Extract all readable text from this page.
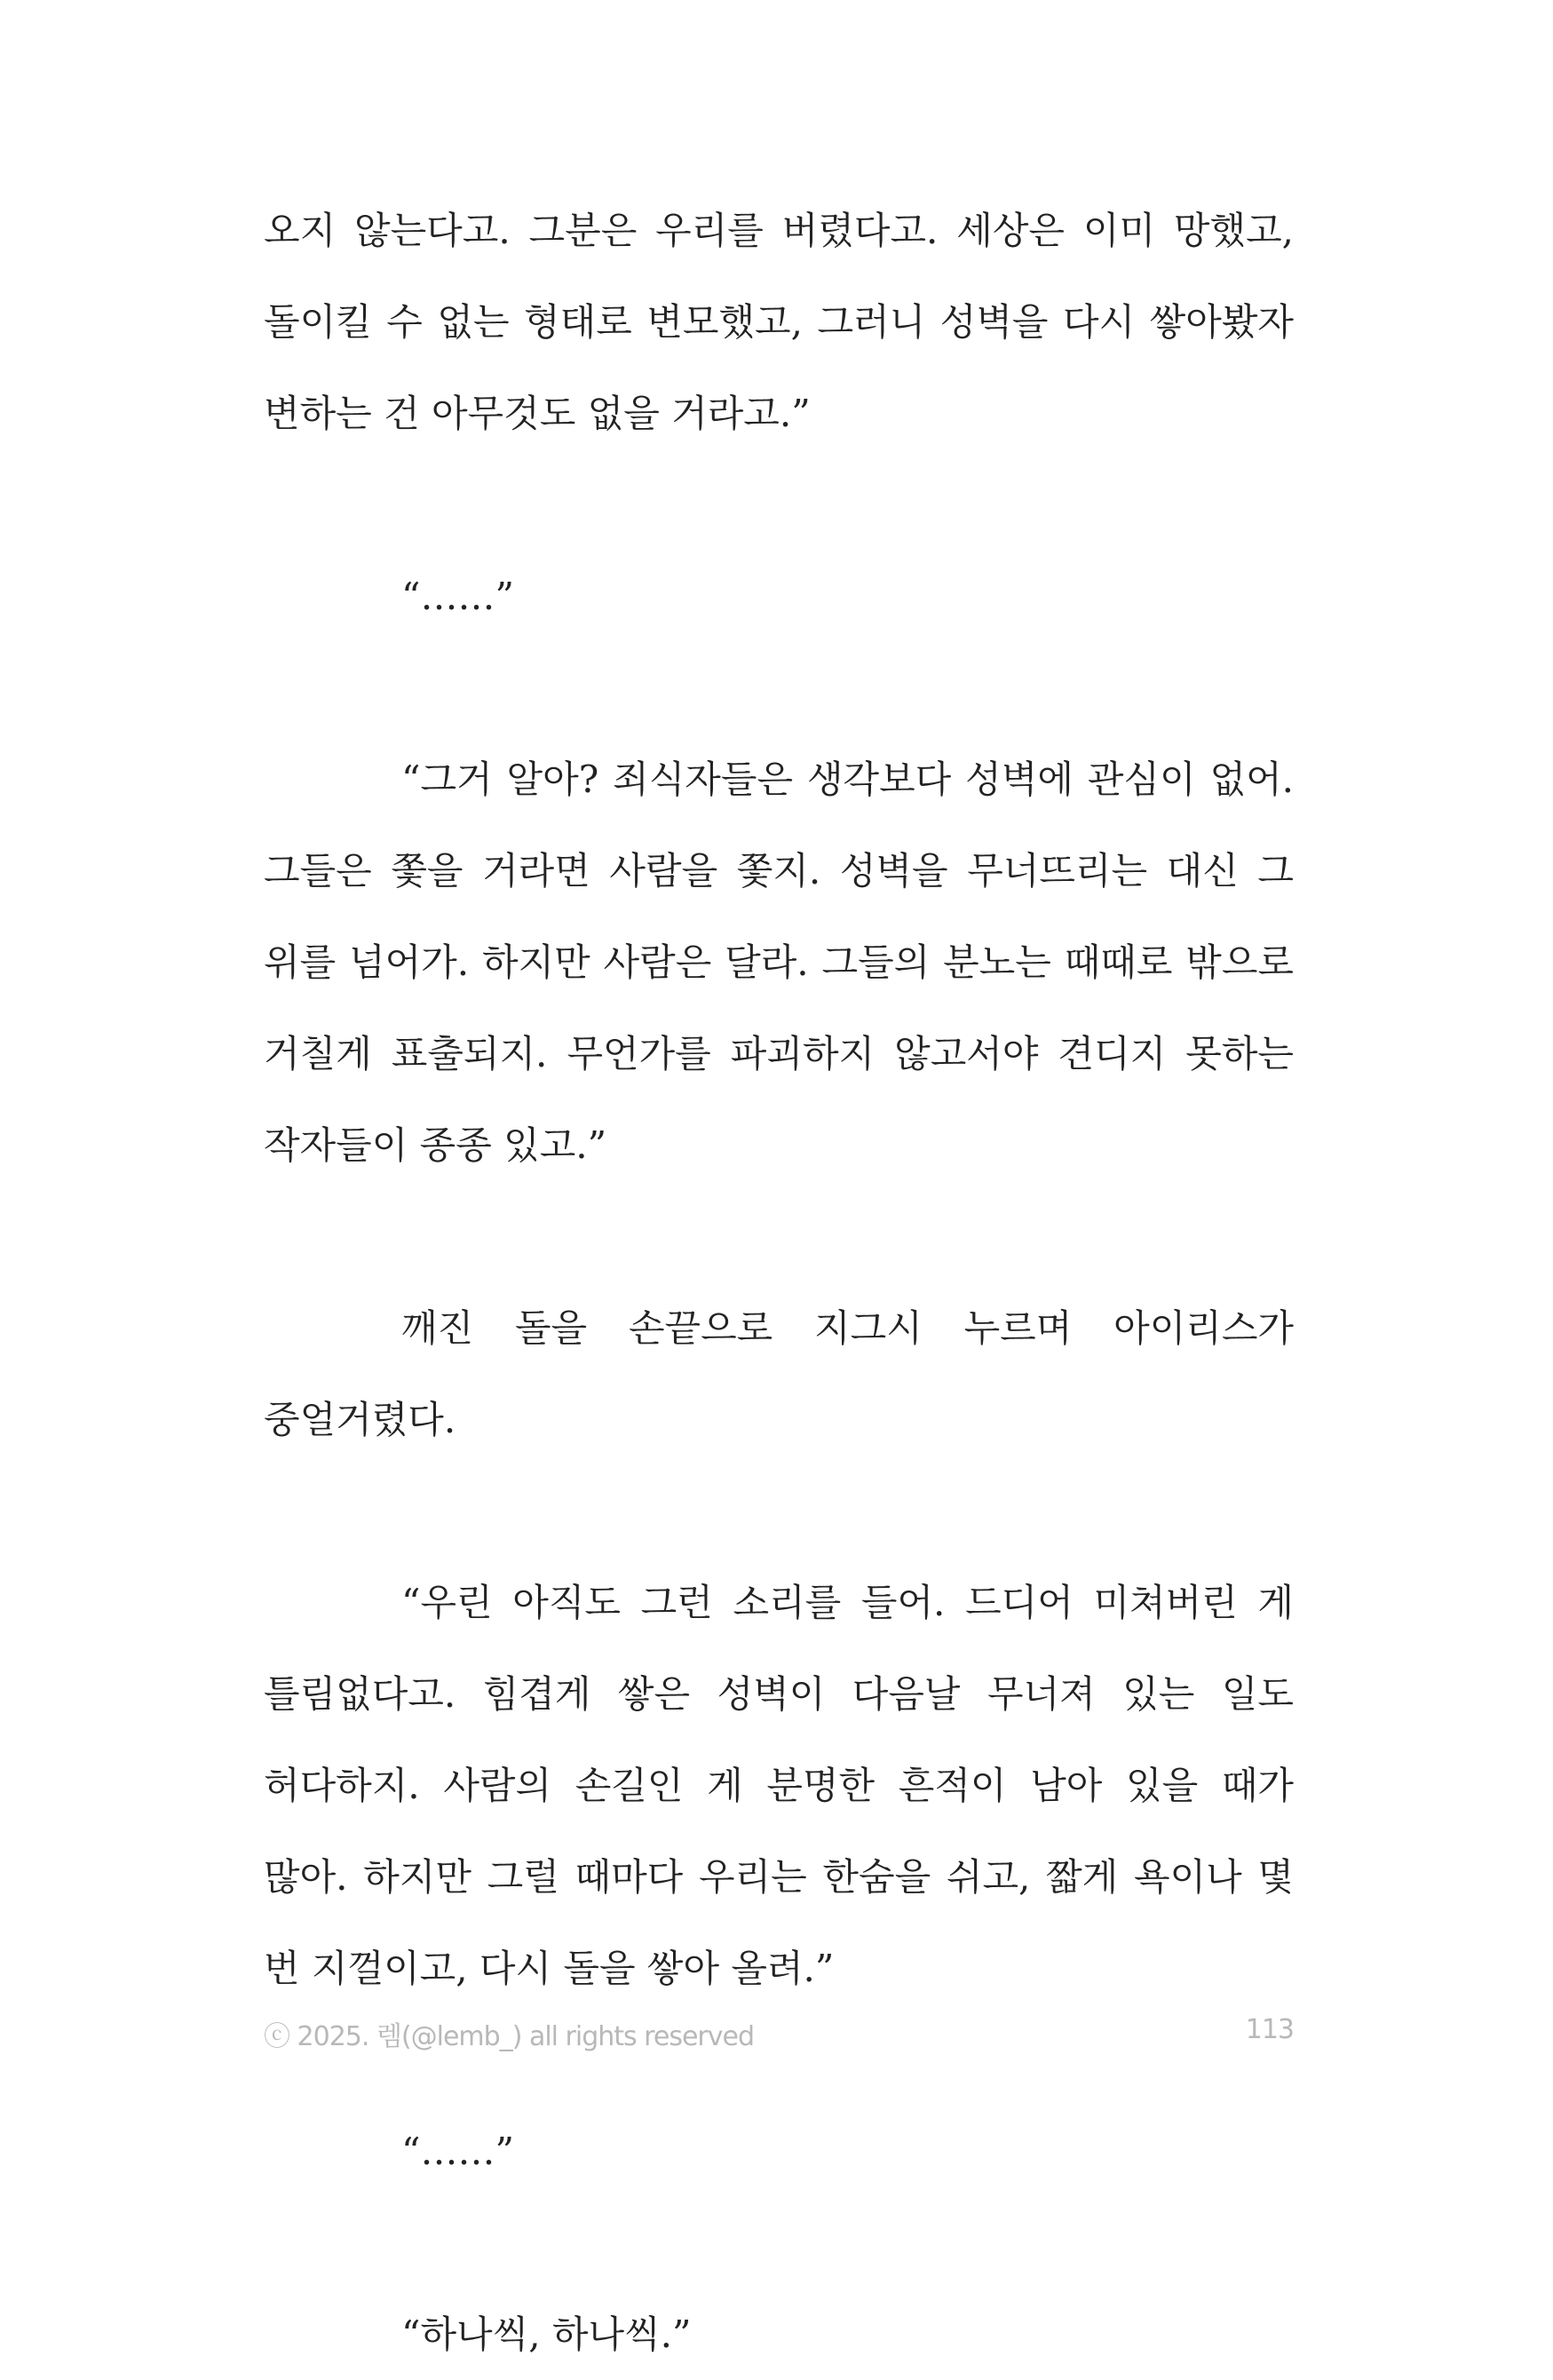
오지 않는다고. 그분은 우리를 버렸다고. 세상은 이미 망했고, 돌이킬 수 없는 형태로 변모했고, 그러니 성벽을 다시 쌓아봤자 변하는 건 아무것도 없을 거라고.”

“……”

“그거 알아? 죄식자들은 생각보다 성벽에 관심이 없어. 그들은 쫓을 거라면 사람을 쫓지. 성벽을 무너뜨리는 대신 그 위를 넘어가. 하지만 사람은 달라. 그들의 분노는 때때로 밖으로 거칠게 표출되지. 무언가를 파괴하지 않고서야 견디지 못하는 작자들이 종종 있고.”

깨진 돌을 손끝으로 지그시 누르며 아이리스가 중얼거렸다.

“우린 아직도 그런 소리를 들어. 드디어 미쳐버린 게 틀림없다고. 힘겹게 쌓은 성벽이 다음날 무너져 있는 일도 허다하지. 사람의 손길인 게 분명한 흔적이 남아 있을 때가 많아. 하지만 그럴 때마다 우리는 한숨을 쉬고, 짧게 욕이나 몇 번 지껄이고, 다시 돌을 쌓아 올려.”

“……”

“하나씩, 하나씩.”

ⓒ 2025. 렘(@lemb_) all rights reserved	113
